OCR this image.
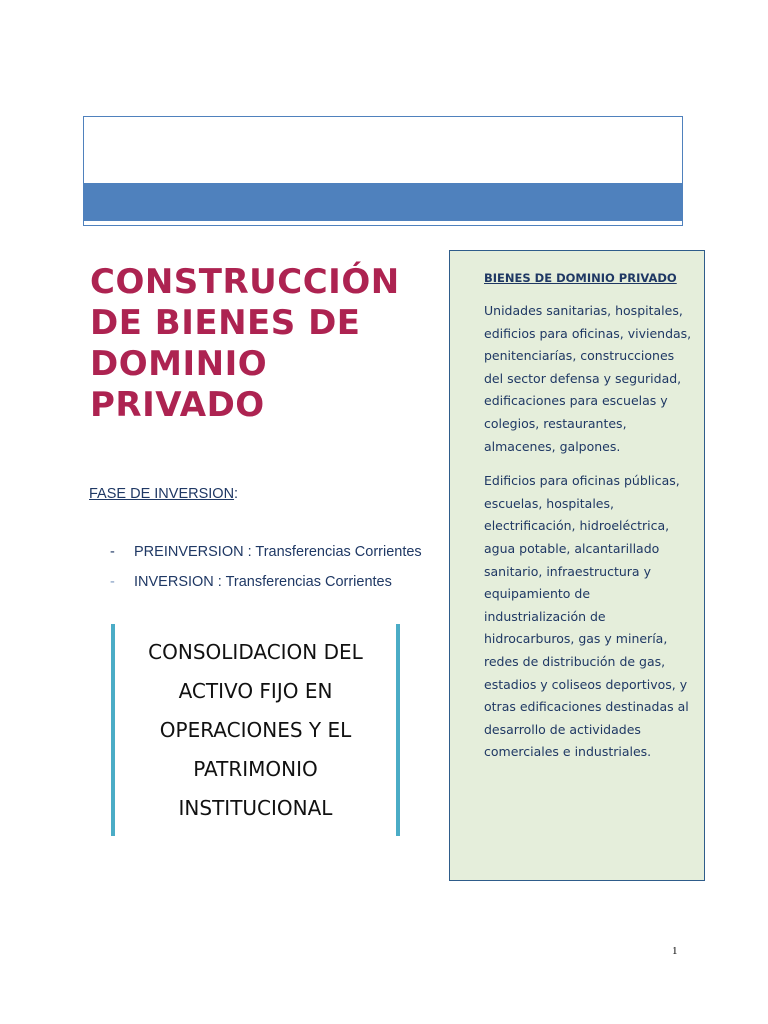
CONSTRUCCIÓN DE BIENES DE DOMINIO PRIVADO
FASE DE INVERSION:
-	PREINVERSION : Transferencias Corrientes
-	INVERSION : Transferencias Corrientes
CONSOLIDACION DEL ACTIVO FIJO EN OPERACIONES Y EL PATRIMONIO INSTITUCIONAL
BIENES DE DOMINIO PRIVADO

Unidades sanitarias, hospitales, edificios para oficinas, viviendas, penitenciarías, construcciones del sector defensa y seguridad, edificaciones para escuelas y colegios, restaurantes, almacenes, galpones.

Edificios para oficinas públicas, escuelas, hospitales, electrificación, hidroeléctrica, agua potable, alcantarillado sanitario, infraestructura y equipamiento de industrialización de hidrocarburos, gas y minería, redes de distribución de gas, estadios y coliseos deportivos, y otras edificaciones destinadas al desarrollo de actividades comerciales e industriales.

1
